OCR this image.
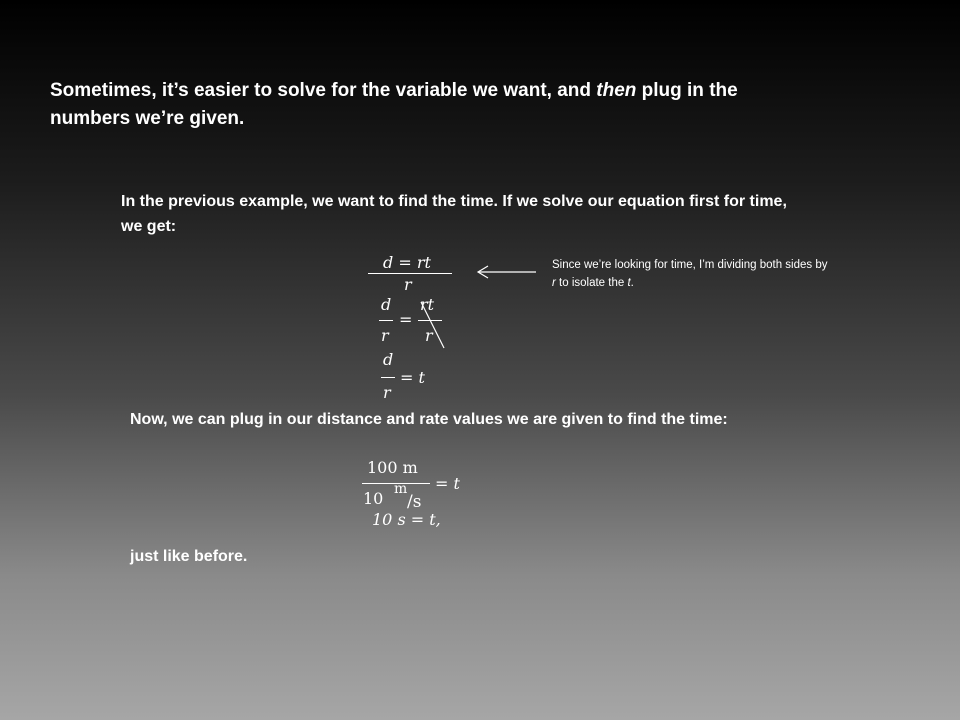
Sometimes, it’s easier to solve for the variable we want, and then plug in the numbers we’re given.
In the previous example, we want to find the time. If we solve our equation first for time, we get:
𝑑 = 𝑟𝑡
𝑟
Since we’re looking for time, I’m dividing both sides by r to isolate the t.
𝑑
𝑟
=
𝑟𝑡
𝑟
𝑑
𝑟
= 𝑡
Now, we can plug in our distance and rate values we are given to find the time:
100 m
10 m
/s
= 𝑡
10 s = 𝑡,
just like before.
